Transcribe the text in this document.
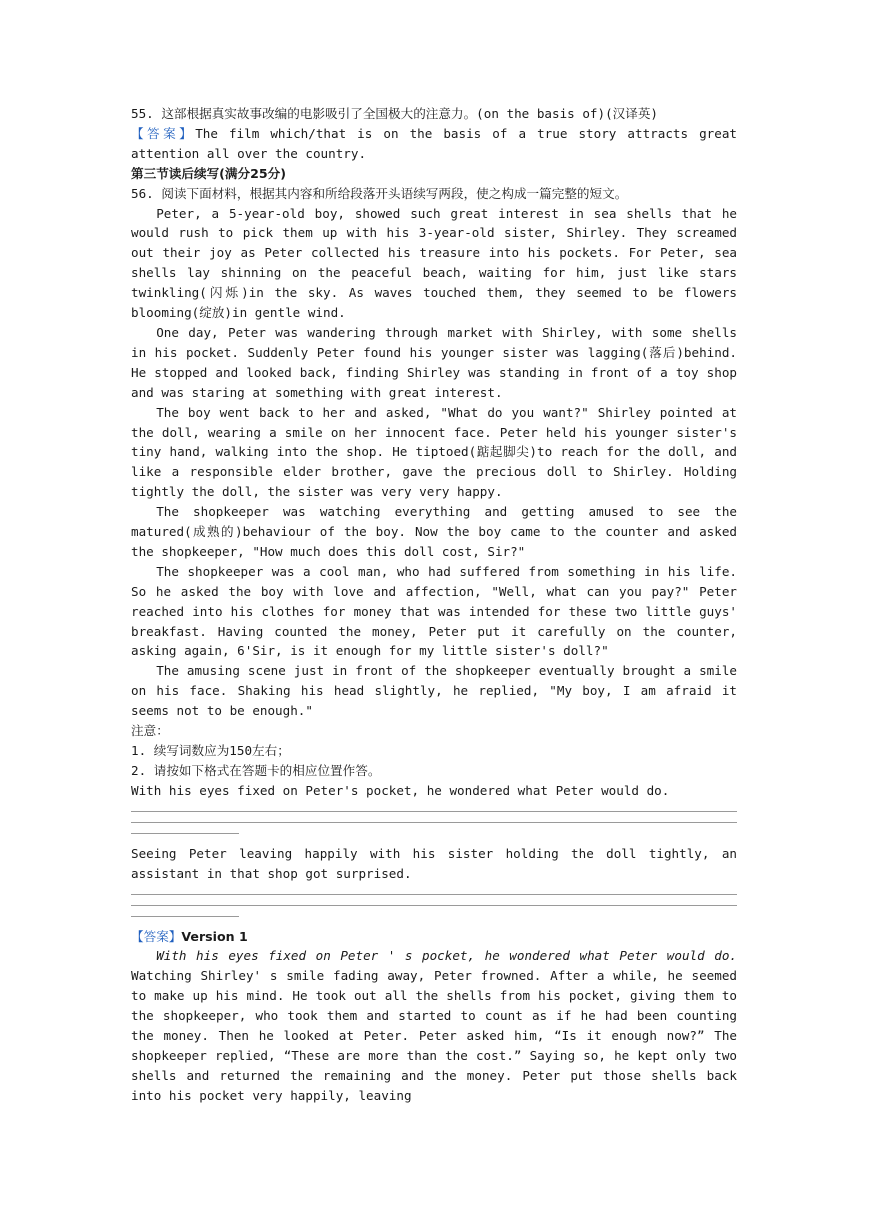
55. 这部根据真实故事改编的电影吸引了全国极大的注意力。(on the basis of)(汉译英)
【答案】The film which/that is on the basis of a true story attracts great attention all over the country.
第三节读后续写(满分25分)
56. 阅读下面材料，根据其内容和所给段落开头语续写两段，使之构成一篇完整的短文。
Peter, a 5-year-old boy, showed such great interest in sea shells that he would rush to pick them up with his 3-year-old sister, Shirley. They screamed out their joy as Peter collected his treasure into his pockets. For Peter, sea shells lay shinning on the peaceful beach, waiting for him, just like stars twinkling(闪烁)in the sky. As waves touched them, they seemed to be flowers blooming(绽放)in gentle wind.
One day, Peter was wandering through market with Shirley, with some shells in his pocket. Suddenly Peter found his younger sister was lagging(落后)behind. He stopped and looked back, finding Shirley was standing in front of a toy shop and was staring at something with great interest.
The boy went back to her and asked, "What do you want?" Shirley pointed at the doll, wearing a smile on her innocent face. Peter held his younger sister's tiny hand, walking into the shop. He tiptoed(踮起脚尖)to reach for the doll, and like a responsible elder brother, gave the precious doll to Shirley. Holding tightly the doll, the sister was very very happy.
The shopkeeper was watching everything and getting amused to see the matured(成熟的)behaviour of the boy. Now the boy came to the counter and asked the shopkeeper, "How much does this doll cost, Sir?"
The shopkeeper was a cool man, who had suffered from something in his life. So he asked the boy with love and affection, "Well, what can you pay?" Peter reached into his clothes for money that was intended for these two little guys' breakfast. Having counted the money, Peter put it carefully on the counter, asking again, 6'Sir, is it enough for my little sister's doll?"
The amusing scene just in front of the shopkeeper eventually brought a smile on his face. Shaking his head slightly, he replied, "My boy, I am afraid it seems not to be enough."
注意：
1. 续写词数应为150左右；
2. 请按如下格式在答题卡的相应位置作答。
With his eyes fixed on Peter's pocket, he wondered what Peter would do.
Seeing Peter leaving happily with his sister holding the doll tightly, an assistant in that shop got surprised.
【答案】Version 1
With his eyes fixed on Peter ' s pocket, he wondered what Peter would do. Watching Shirley' s smile fading away, Peter frowned. After a while, he seemed to make up his mind. He took out all the shells from his pocket, giving them to the shopkeeper, who took them and started to count as if he had been counting the money. Then he looked at Peter. Peter asked him, “Is it enough now?” The shopkeeper replied, “These are more than the cost.” Saying so, he kept only two shells and returned the remaining and the money. Peter put those shells back into his pocket very happily, leaving
